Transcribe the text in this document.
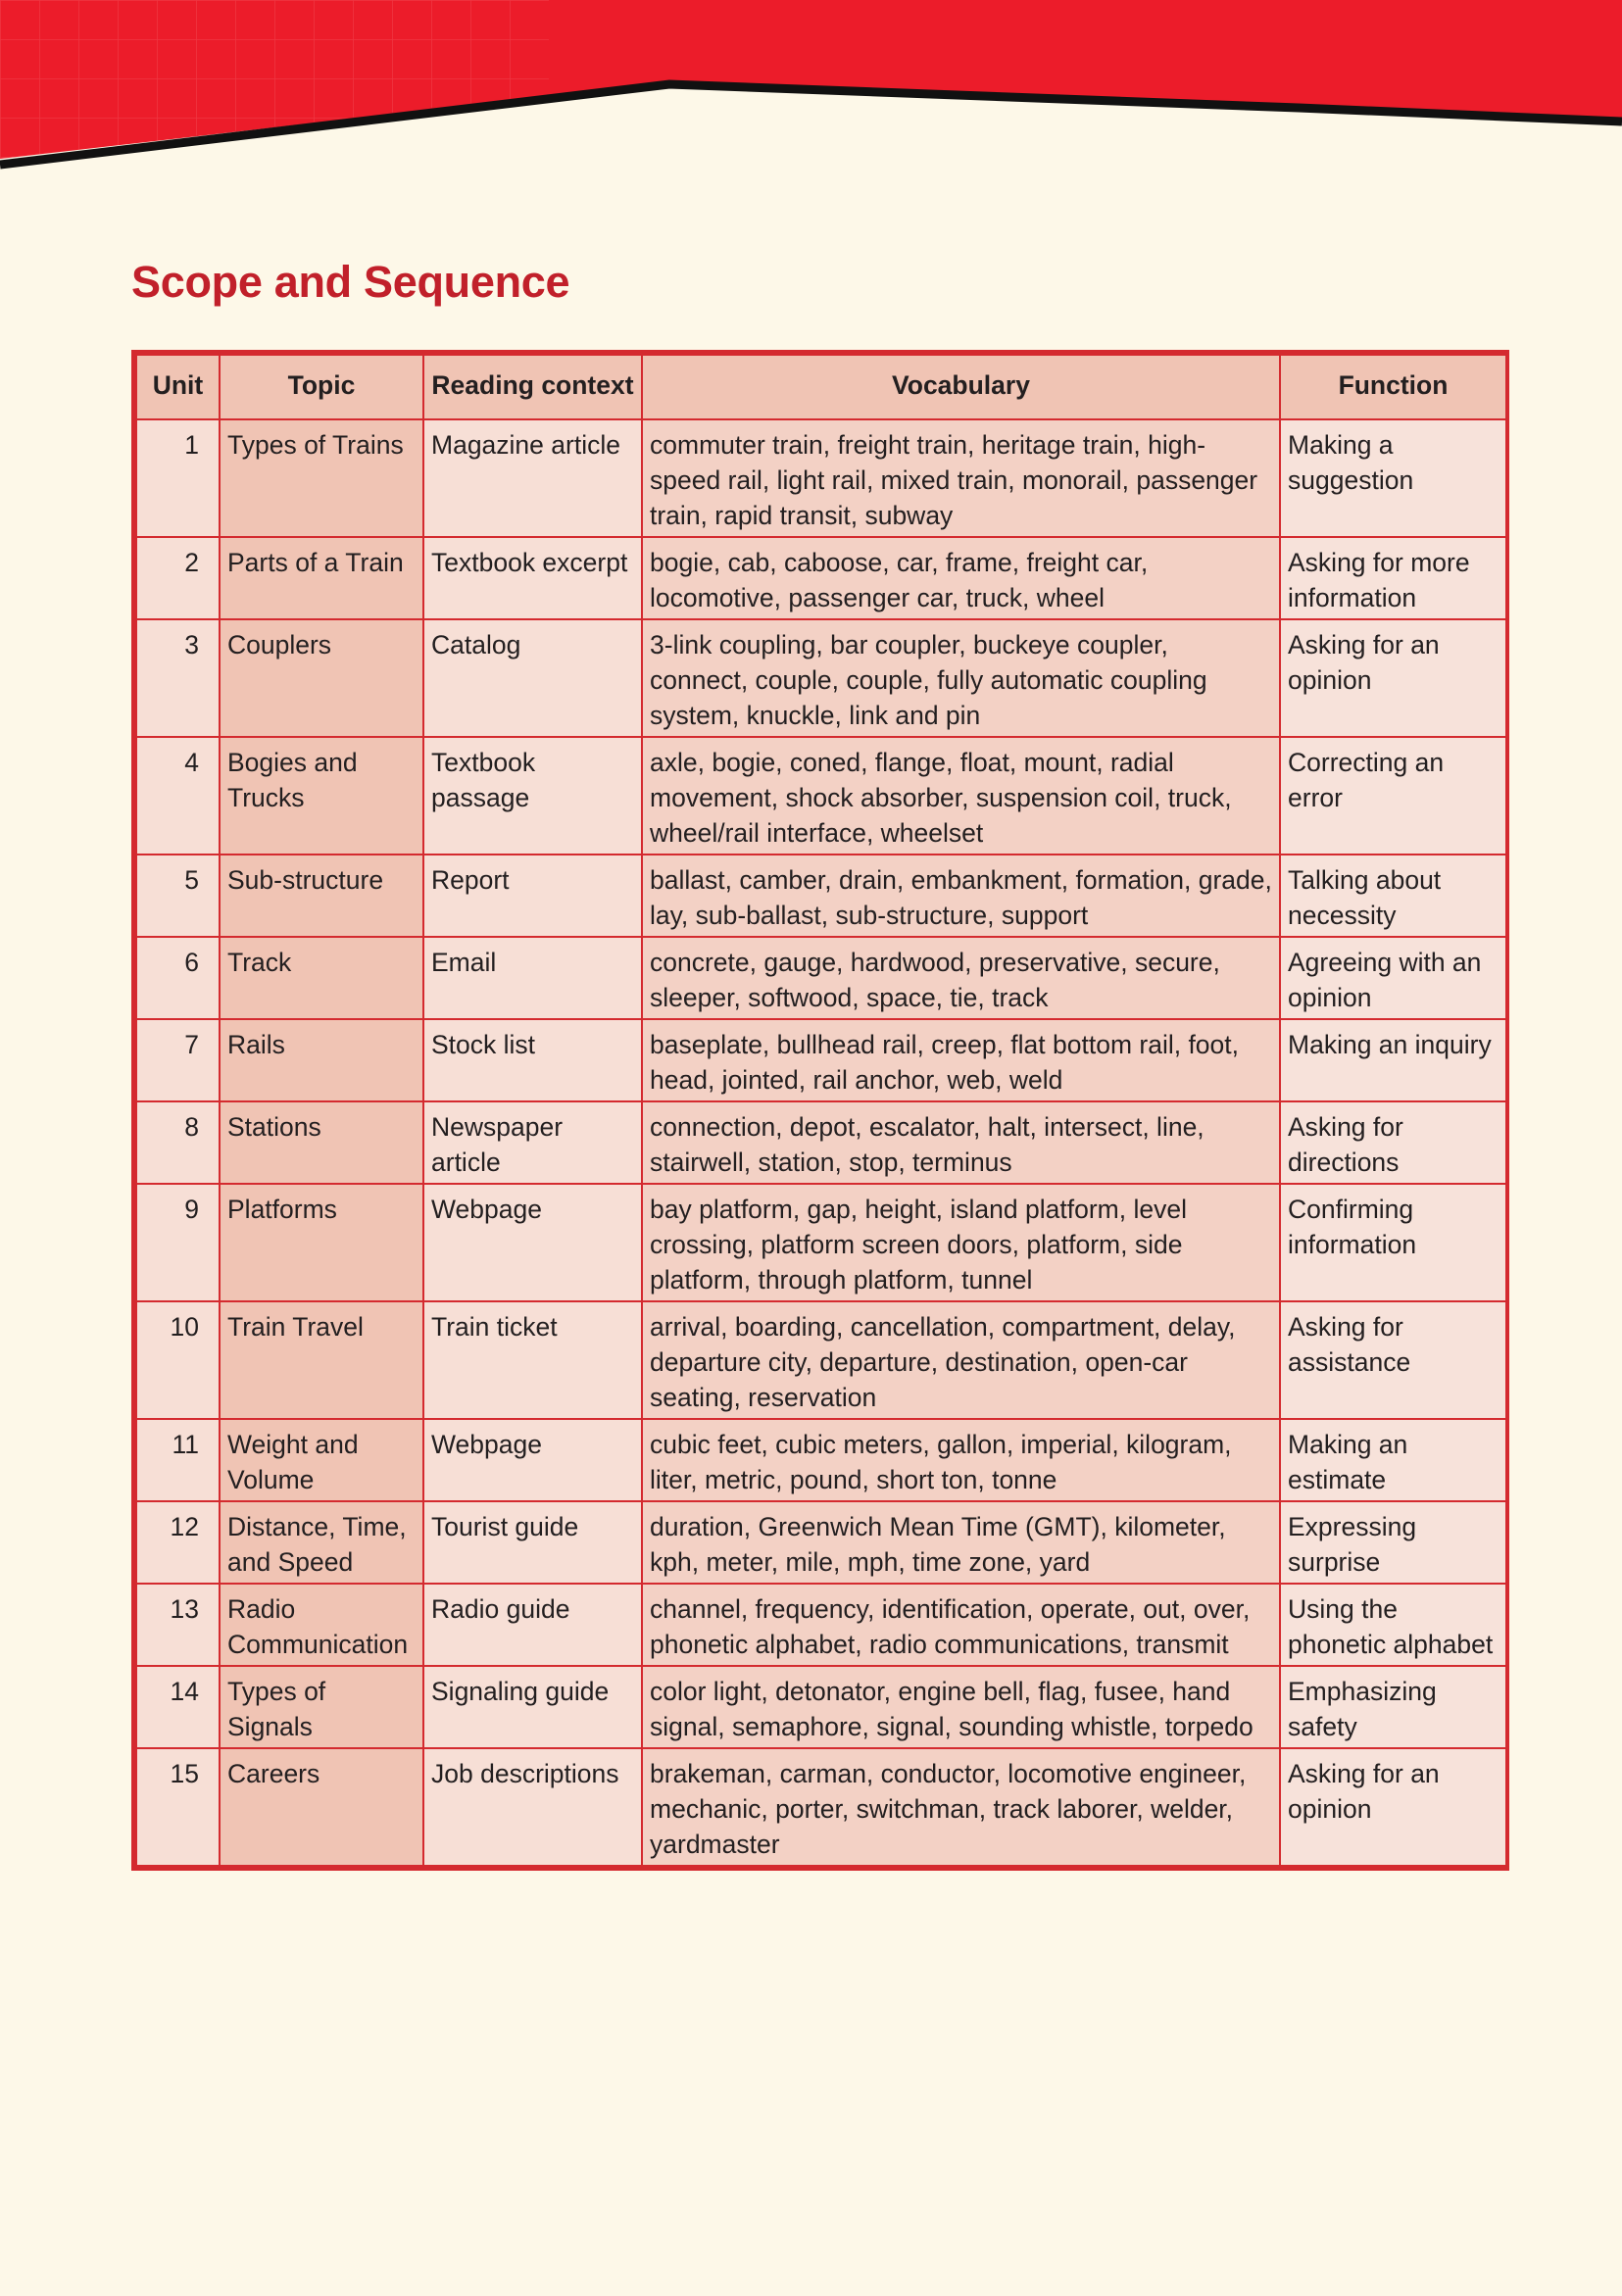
Scope and Sequence
Unit	Topic	Reading context	Vocabulary	Function
1	Types of Trains	Magazine article	commuter train, freight train, heritage train, high-speed rail, light rail, mixed train, monorail, passenger train, rapid transit, subway	Making a suggestion
2	Parts of a Train	Textbook excerpt	bogie, cab, caboose, car, frame, freight car, locomotive, passenger car, truck, wheel	Asking for more information
3	Couplers	Catalog	3-link coupling, bar coupler, buckeye coupler, connect, couple, couple, fully automatic coupling system, knuckle, link and pin	Asking for an opinion
4	Bogies and Trucks	Textbook passage	axle, bogie, coned, flange, float, mount, radial movement, shock absorber, suspension coil, truck, wheel/rail interface, wheelset	Correcting an error
5	Sub-structure	Report	ballast, camber, drain, embankment, formation, grade, lay, sub-ballast, sub-structure, support	Talking about necessity
6	Track	Email	concrete, gauge, hardwood, preservative, secure, sleeper, softwood, space, tie, track	Agreeing with an opinion
7	Rails	Stock list	baseplate, bullhead rail, creep, flat bottom rail, foot, head, jointed, rail anchor, web, weld	Making an inquiry
8	Stations	Newspaper article	connection, depot, escalator, halt, intersect, line, stairwell, station, stop, terminus	Asking for directions
9	Platforms	Webpage	bay platform, gap, height, island platform, level crossing, platform screen doors, platform, side platform, through platform, tunnel	Confirming information
10	Train Travel	Train ticket	arrival, boarding, cancellation, compartment, delay, departure city, departure, destination, open-car seating, reservation	Asking for assistance
11	Weight and Volume	Webpage	cubic feet, cubic meters, gallon, imperial, kilogram, liter, metric, pound, short ton, tonne	Making an estimate
12	Distance, Time, and Speed	Tourist guide	duration, Greenwich Mean Time (GMT), kilometer, kph, meter, mile, mph, time zone, yard	Expressing surprise
13	Radio Communication	Radio guide	channel, frequency, identification, operate, out, over, phonetic alphabet, radio communications, transmit	Using the phonetic alphabet
14	Types of Signals	Signaling guide	color light, detonator, engine bell, flag, fusee, hand signal, semaphore, signal, sounding whistle, torpedo	Emphasizing safety
15	Careers	Job descriptions	brakeman, carman, conductor, locomotive engineer, mechanic, porter, switchman, track laborer, welder, yardmaster	Asking for an opinion
